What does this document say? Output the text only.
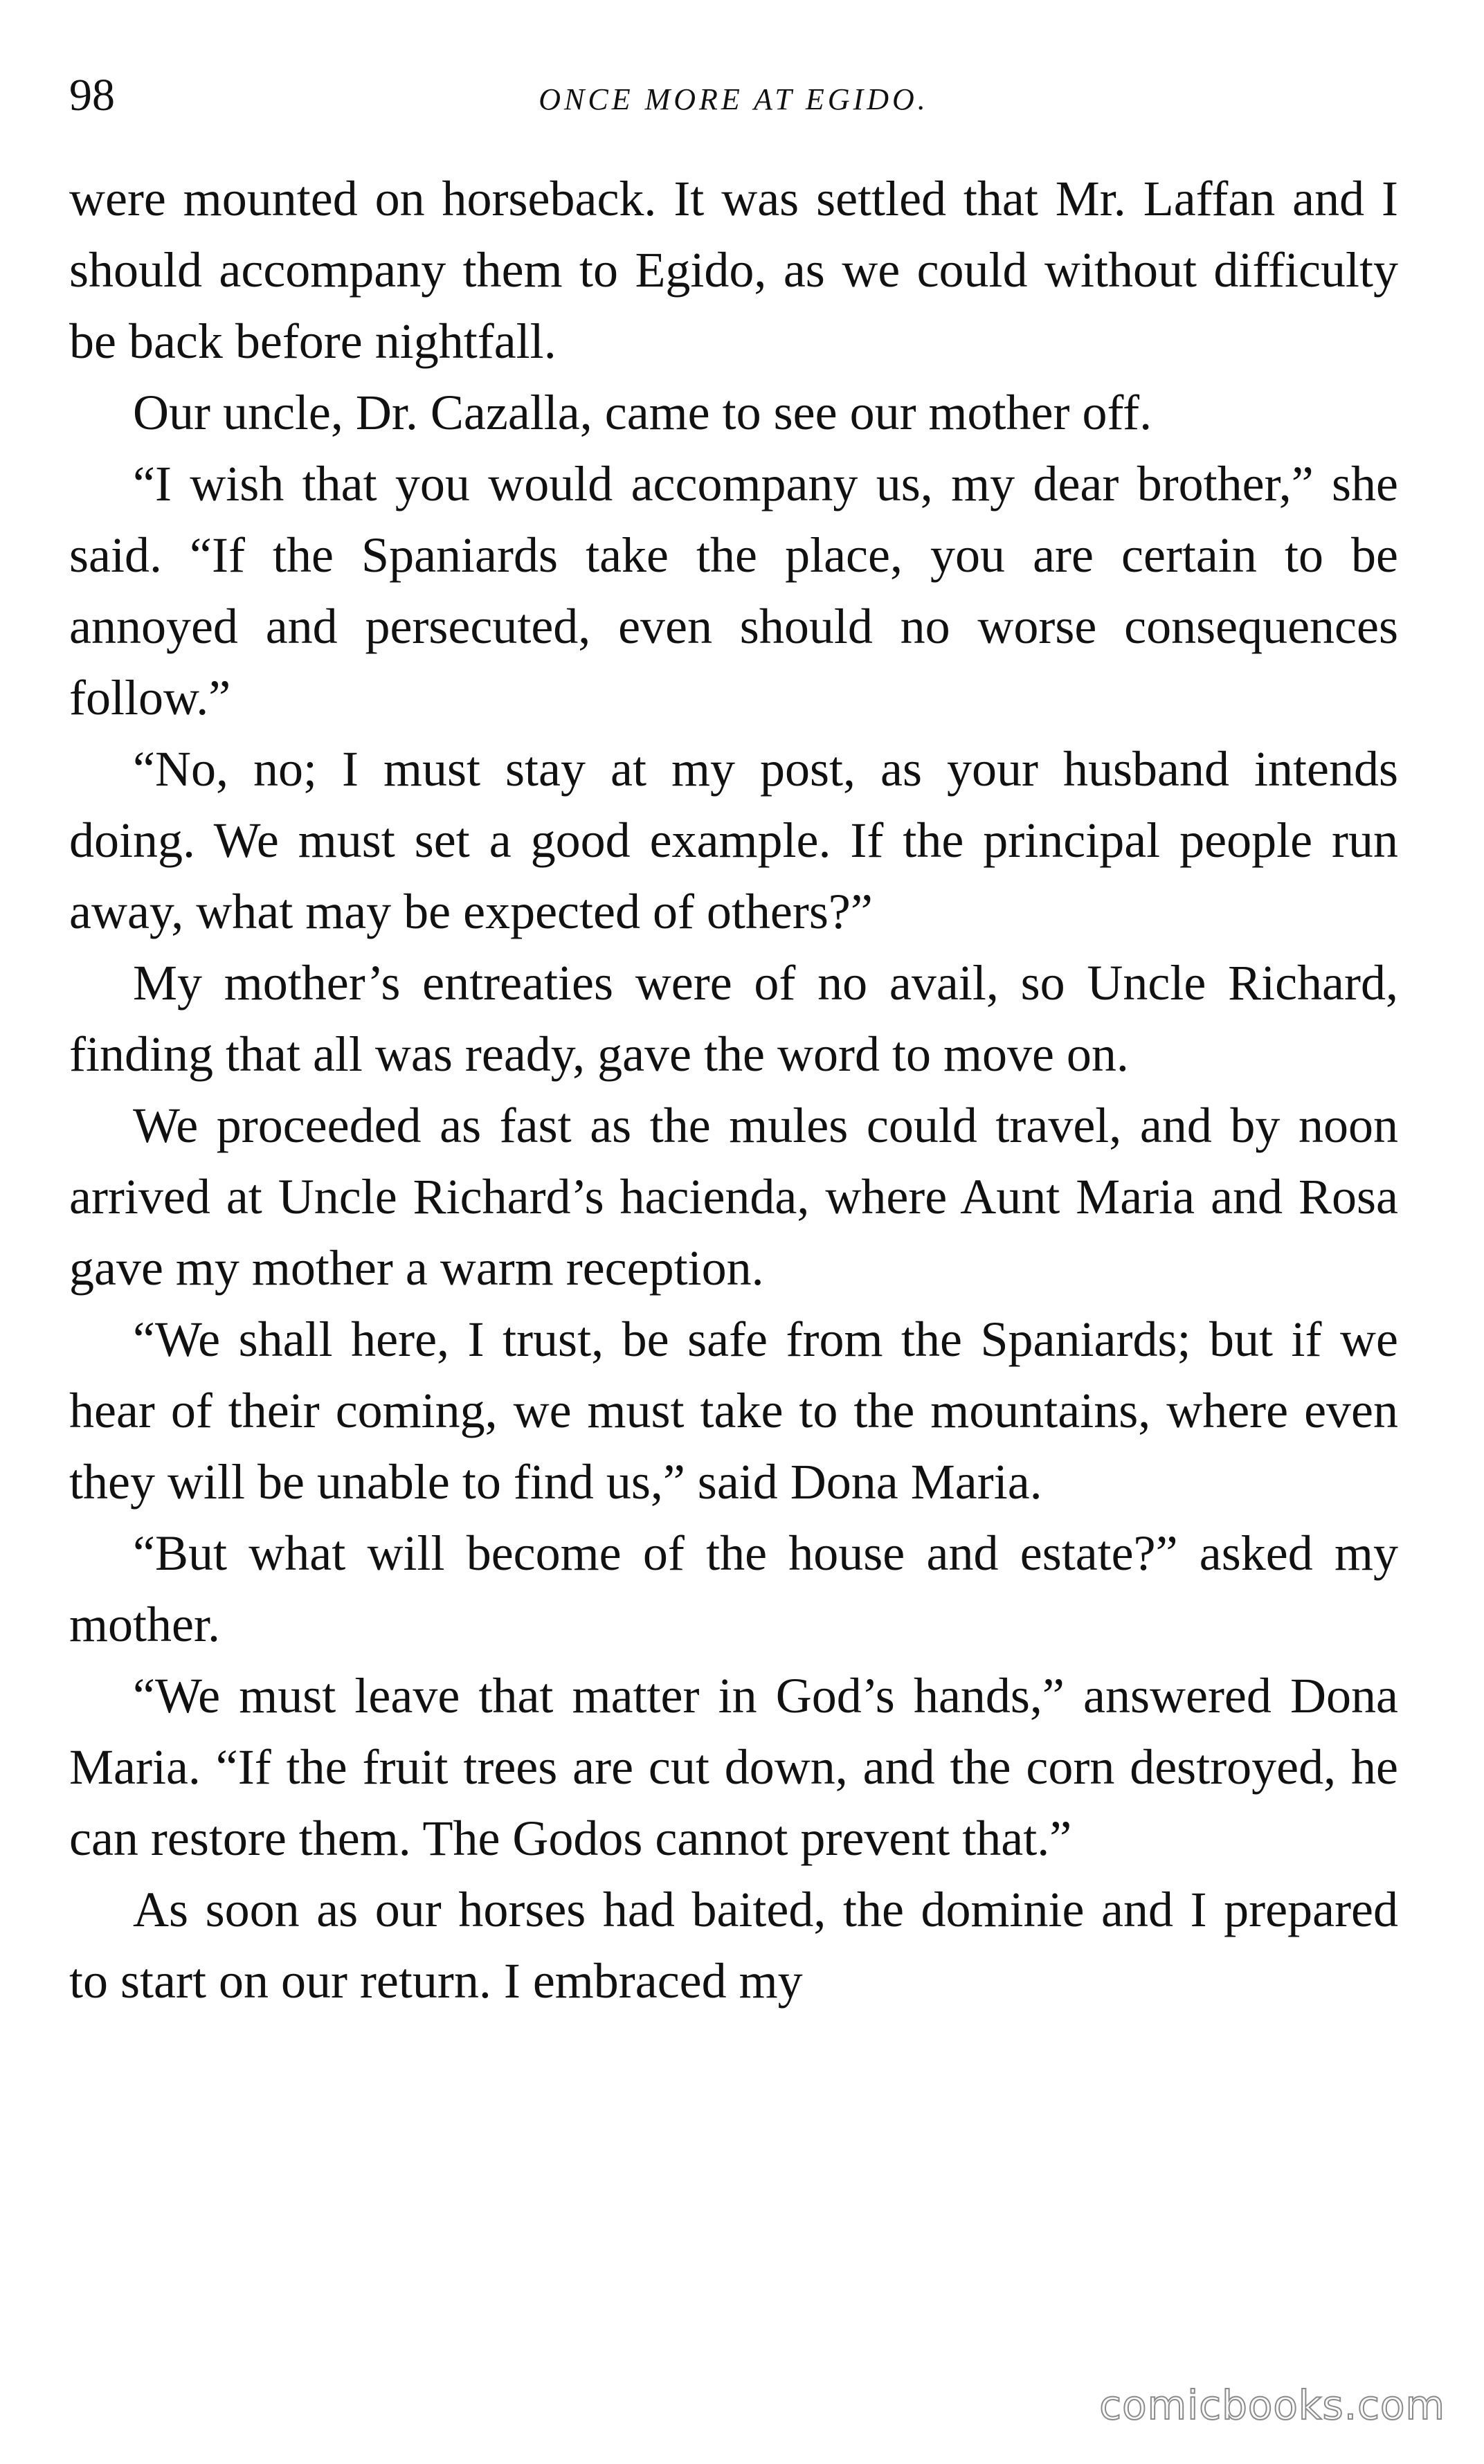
98	ONCE MORE AT EGIDO.

were mounted on horseback. It was settled that Mr. Laffan and I should accompany them to Egido, as we could without difficulty be back before nightfall.

Our uncle, Dr. Cazalla, came to see our mother off.

“I wish that you would accompany us, my dear brother,” she said. “If the Spaniards take the place, you are certain to be annoyed and persecuted, even should no worse consequences follow.”

“No, no; I must stay at my post, as your husband intends doing. We must set a good example. If the principal people run away, what may be expected of others?”

My mother’s entreaties were of no avail, so Uncle Richard, finding that all was ready, gave the word to move on.

We proceeded as fast as the mules could travel, and by noon arrived at Uncle Richard’s hacienda, where Aunt Maria and Rosa gave my mother a warm reception.

“We shall here, I trust, be safe from the Spaniards; but if we hear of their coming, we must take to the mountains, where even they will be unable to find us,” said Dona Maria.

“But what will become of the house and estate?” asked my mother.

“We must leave that matter in God’s hands,” answered Dona Maria. “If the fruit trees are cut down, and the corn destroyed, he can restore them. The Godos cannot prevent that.”

As soon as our horses had baited, the dominie and I prepared to start on our return. I embraced my

comicbooks.com
